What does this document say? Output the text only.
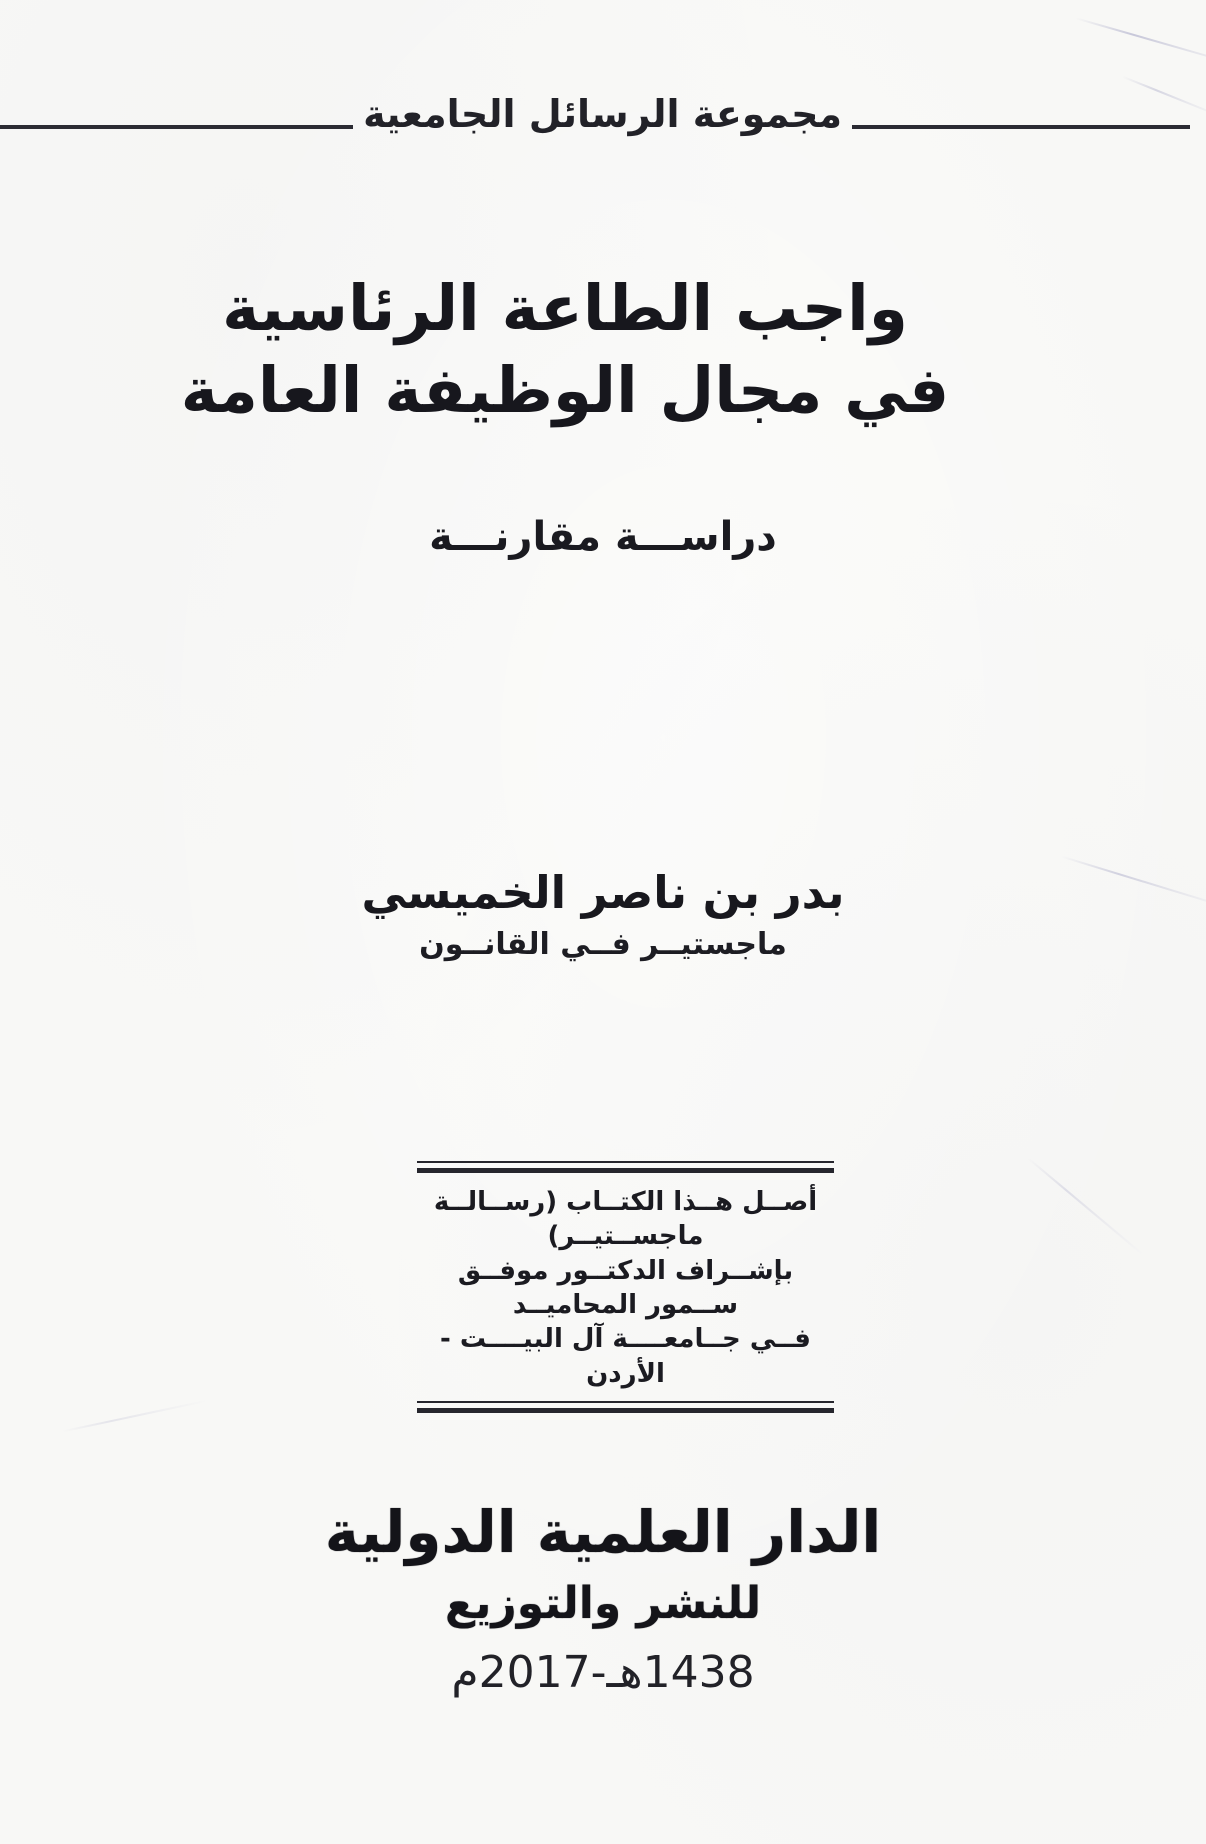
مجموعة الرسائل الجامعية
واجب الطاعة الرئاسية
في مجال الوظيفة العامة
دراســـة مقارنـــة
بدر بن ناصر الخميسي
ماجستيــر فــي القانــون
أصــل هــذا الكتــاب (رســالــة ماجســتيــر)
بإشــراف الدكتــور موفــق ســمور المحاميــد
فــي جــامعــــة آل البيــــت - الأردن
الدار العلمية الدولية
للنشر والتوزيع
1438هـ-2017م
